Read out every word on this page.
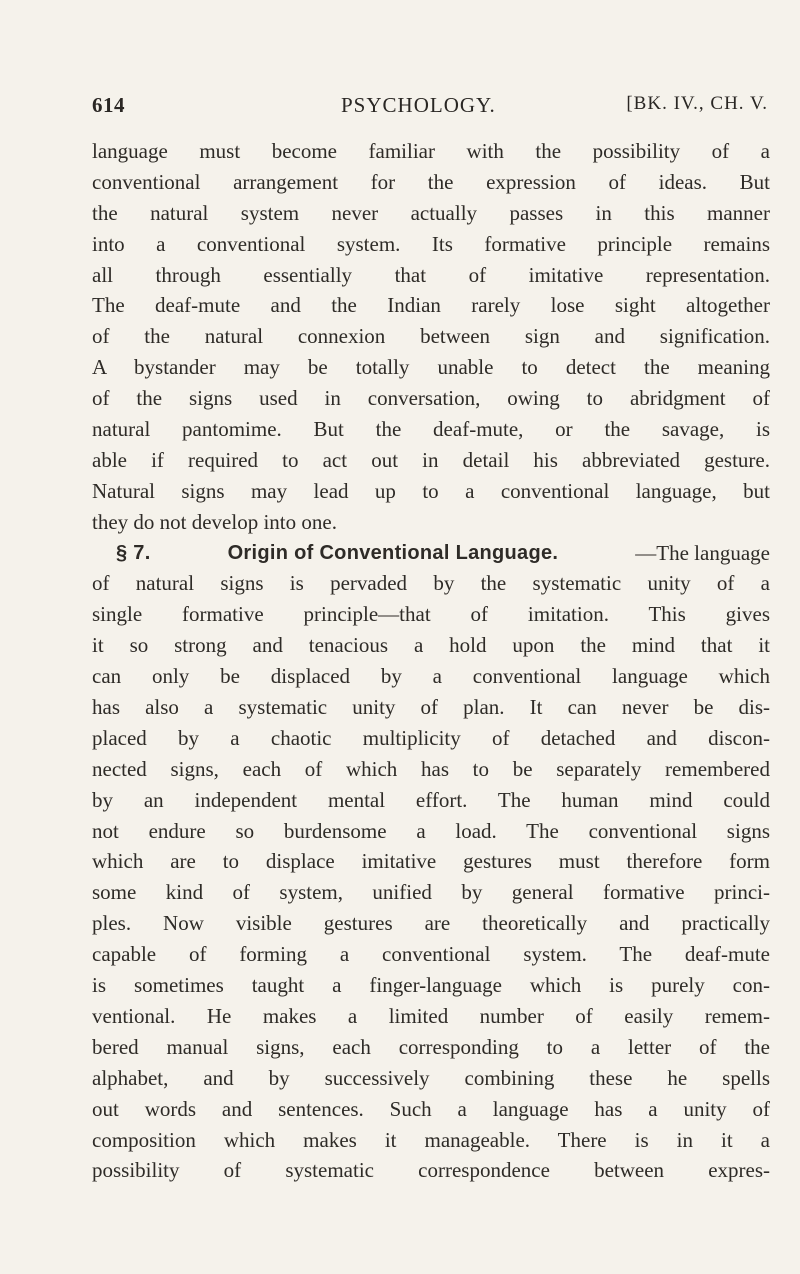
614	PSYCHOLOGY.	[BK. IV., CH. V.
language must become familiar with the possibility of a
conventional arrangement for the expression of ideas. But
the natural system never actually passes in this manner
into a conventional system. Its formative principle remains
all through essentially that of imitative representation.
The deaf-mute and the Indian rarely lose sight altogether
of the natural connexion between sign and signification.
A bystander may be totally unable to detect the meaning
of the signs used in conversation, owing to abridgment of
natural pantomime. But the deaf-mute, or the savage, is
able if required to act out in detail his abbreviated gesture.
Natural signs may lead up to a conventional language, but
they do not develop into one.
§ 7.	Origin of Conventional Language.	—The language
of natural signs is pervaded by the systematic unity of a
single formative principle—that of imitation. This gives
it so strong and tenacious a hold upon the mind that it
can only be displaced by a conventional language which
has also a systematic unity of plan. It can never be dis-
placed by a chaotic multiplicity of detached and discon-
nected signs, each of which has to be separately remembered
by an independent mental effort. The human mind could
not endure so burdensome a load. The conventional signs
which are to displace imitative gestures must therefore form
some kind of system, unified by general formative princi-
ples. Now visible gestures are theoretically and practically
capable of forming a conventional system. The deaf-mute
is sometimes taught a finger-language which is purely con-
ventional. He makes a limited number of easily remem-
bered manual signs, each corresponding to a letter of the
alphabet, and by successively combining these he spells
out words and sentences. Such a language has a unity of
composition which makes it manageable. There is in it a
possibility of systematic correspondence between expres-
